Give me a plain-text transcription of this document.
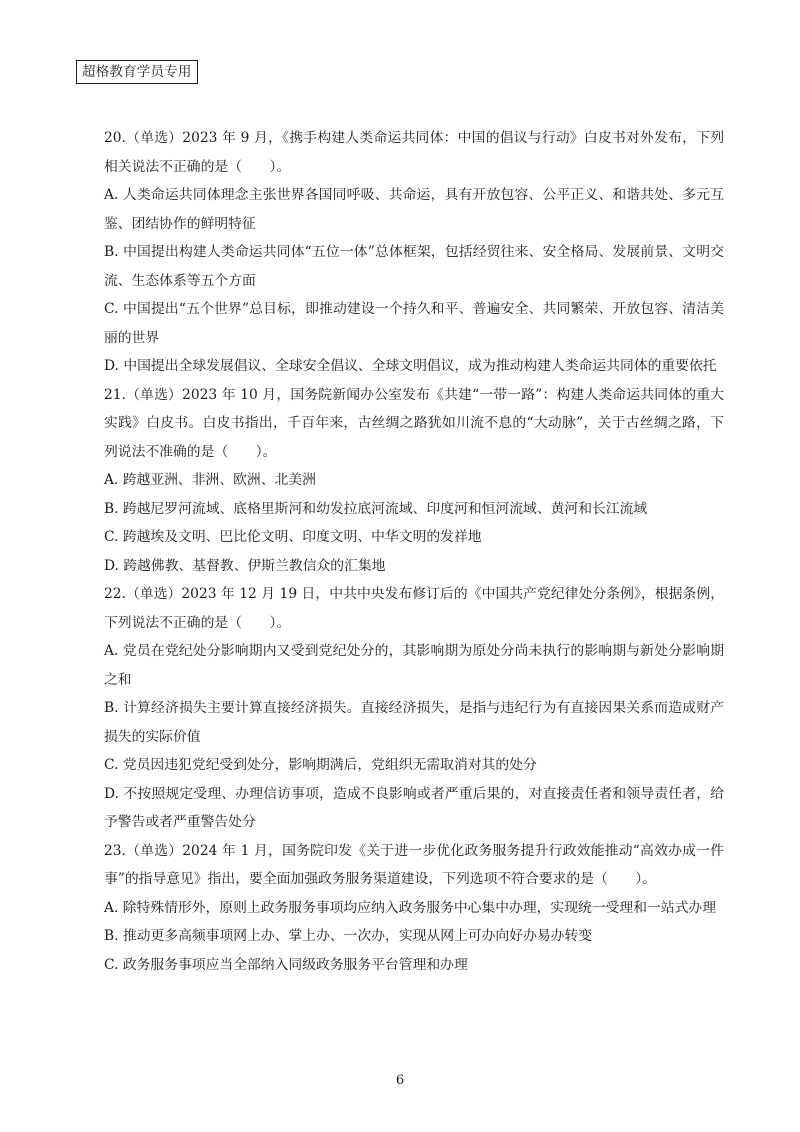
超格教育学员专用

20.（单选）2023 年 9 月，《携手构建人类命运共同体：中国的倡议与行动》白皮书对外发布，下列相关说法不正确的是（　　）。

A. 人类命运共同体理念主张世界各国同呼吸、共命运，具有开放包容、公平正义、和谐共处、多元互鉴、团结协作的鲜明特征

B. 中国提出构建人类命运共同体“五位一体”总体框架，包括经贸往来、安全格局、发展前景、文明交流、生态体系等五个方面

C. 中国提出“五个世界”总目标，即推动建设一个持久和平、普遍安全、共同繁荣、开放包容、清洁美丽的世界

D. 中国提出全球发展倡议、全球安全倡议、全球文明倡议，成为推动构建人类命运共同体的重要依托

21.（单选）2023 年 10 月，国务院新闻办公室发布《共建“一带一路”：构建人类命运共同体的重大实践》白皮书。白皮书指出，千百年来，古丝绸之路犹如川流不息的“大动脉”，关于古丝绸之路，下列说法不准确的是（　　）。

A. 跨越亚洲、非洲、欧洲、北美洲

B. 跨越尼罗河流域、底格里斯河和幼发拉底河流域、印度河和恒河流域、黄河和长江流域

C. 跨越埃及文明、巴比伦文明、印度文明、中华文明的发祥地

D. 跨越佛教、基督教、伊斯兰教信众的汇集地

22.（单选）2023 年 12 月 19 日，中共中央发布修订后的《中国共产党纪律处分条例》，根据条例，下列说法不正确的是（　　）。

A. 党员在党纪处分影响期内又受到党纪处分的，其影响期为原处分尚未执行的影响期与新处分影响期之和

B. 计算经济损失主要计算直接经济损失。直接经济损失，是指与违纪行为有直接因果关系而造成财产损失的实际价值

C. 党员因违犯党纪受到处分，影响期满后，党组织无需取消对其的处分

D. 不按照规定受理、办理信访事项，造成不良影响或者严重后果的，对直接责任者和领导责任者，给予警告或者严重警告处分

23.（单选）2024 年 1 月，国务院印发《关于进一步优化政务服务提升行政效能推动“高效办成一件事”的指导意见》指出，要全面加强政务服务渠道建设，下列选项不符合要求的是（　　）。

A. 除特殊情形外，原则上政务服务事项均应纳入政务服务中心集中办理，实现统一受理和一站式办理

B. 推动更多高频事项网上办、掌上办、一次办，实现从网上可办向好办易办转变

C. 政务服务事项应当全部纳入同级政务服务平台管理和办理

6
